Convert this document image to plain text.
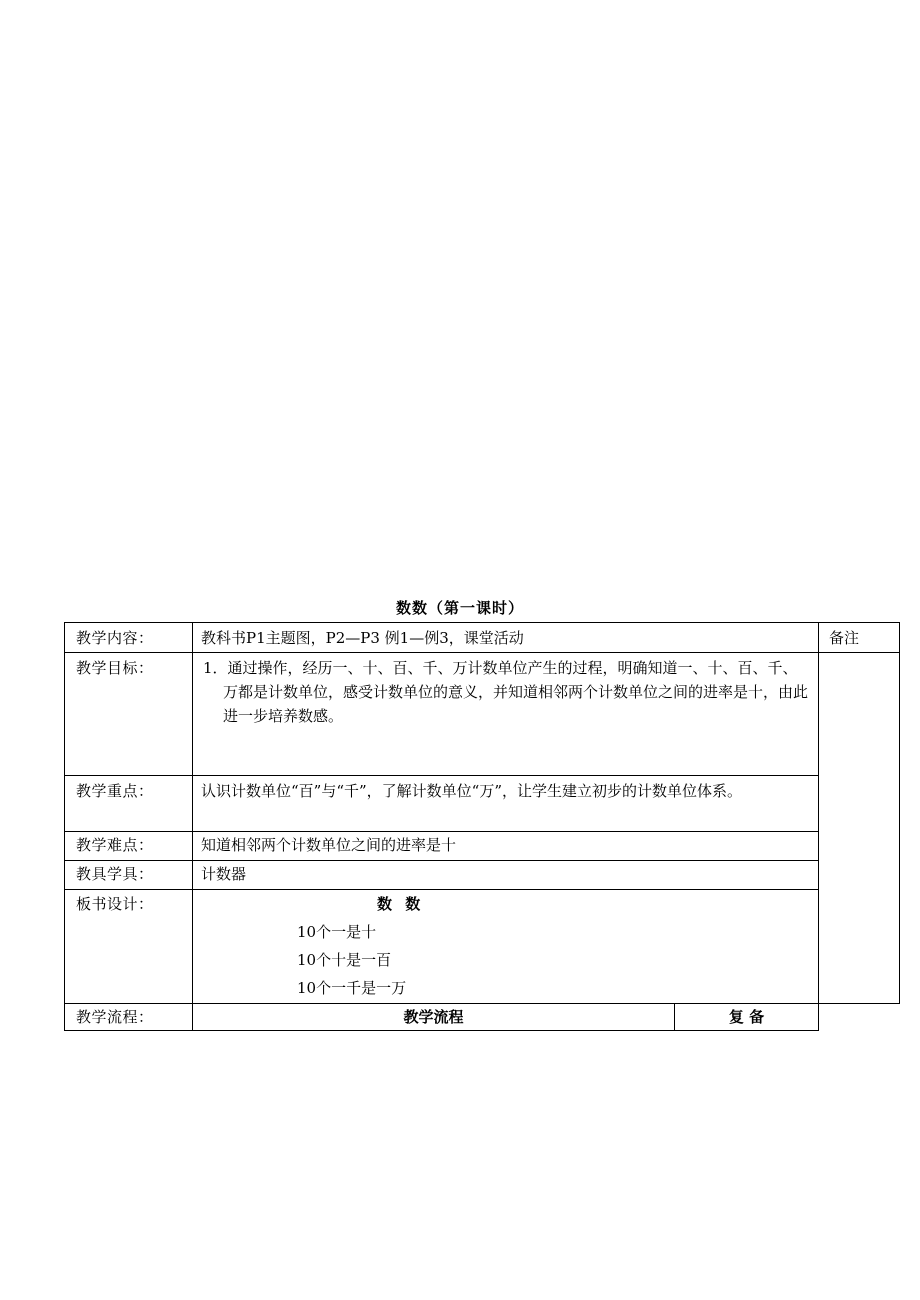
数数（第一课时）
教学内容：	教科书P1主题图，P2—P3 例1—例3，课堂活动		备注
教学目标：	1．通过操作，经历一、十、百、千、万计数单位产生的过程，明确知道一、十、百、千、万都是计数单位，感受计数单位的意义，并知道相邻两个计数单位之间的进率是十，由此进一步培养数感。		
教学重点：	认识计数单位“百”与“千”，了解计数单位“万”，让学生建立初步的计数单位体系。		
教学难点：	知道相邻两个计数单位之间的进率是十		
教具学具：	计数器		
板书设计：	数 数
10个一是十
10个十是一百
10个一千是一万		

教学流程：	教学流程	复 备	
